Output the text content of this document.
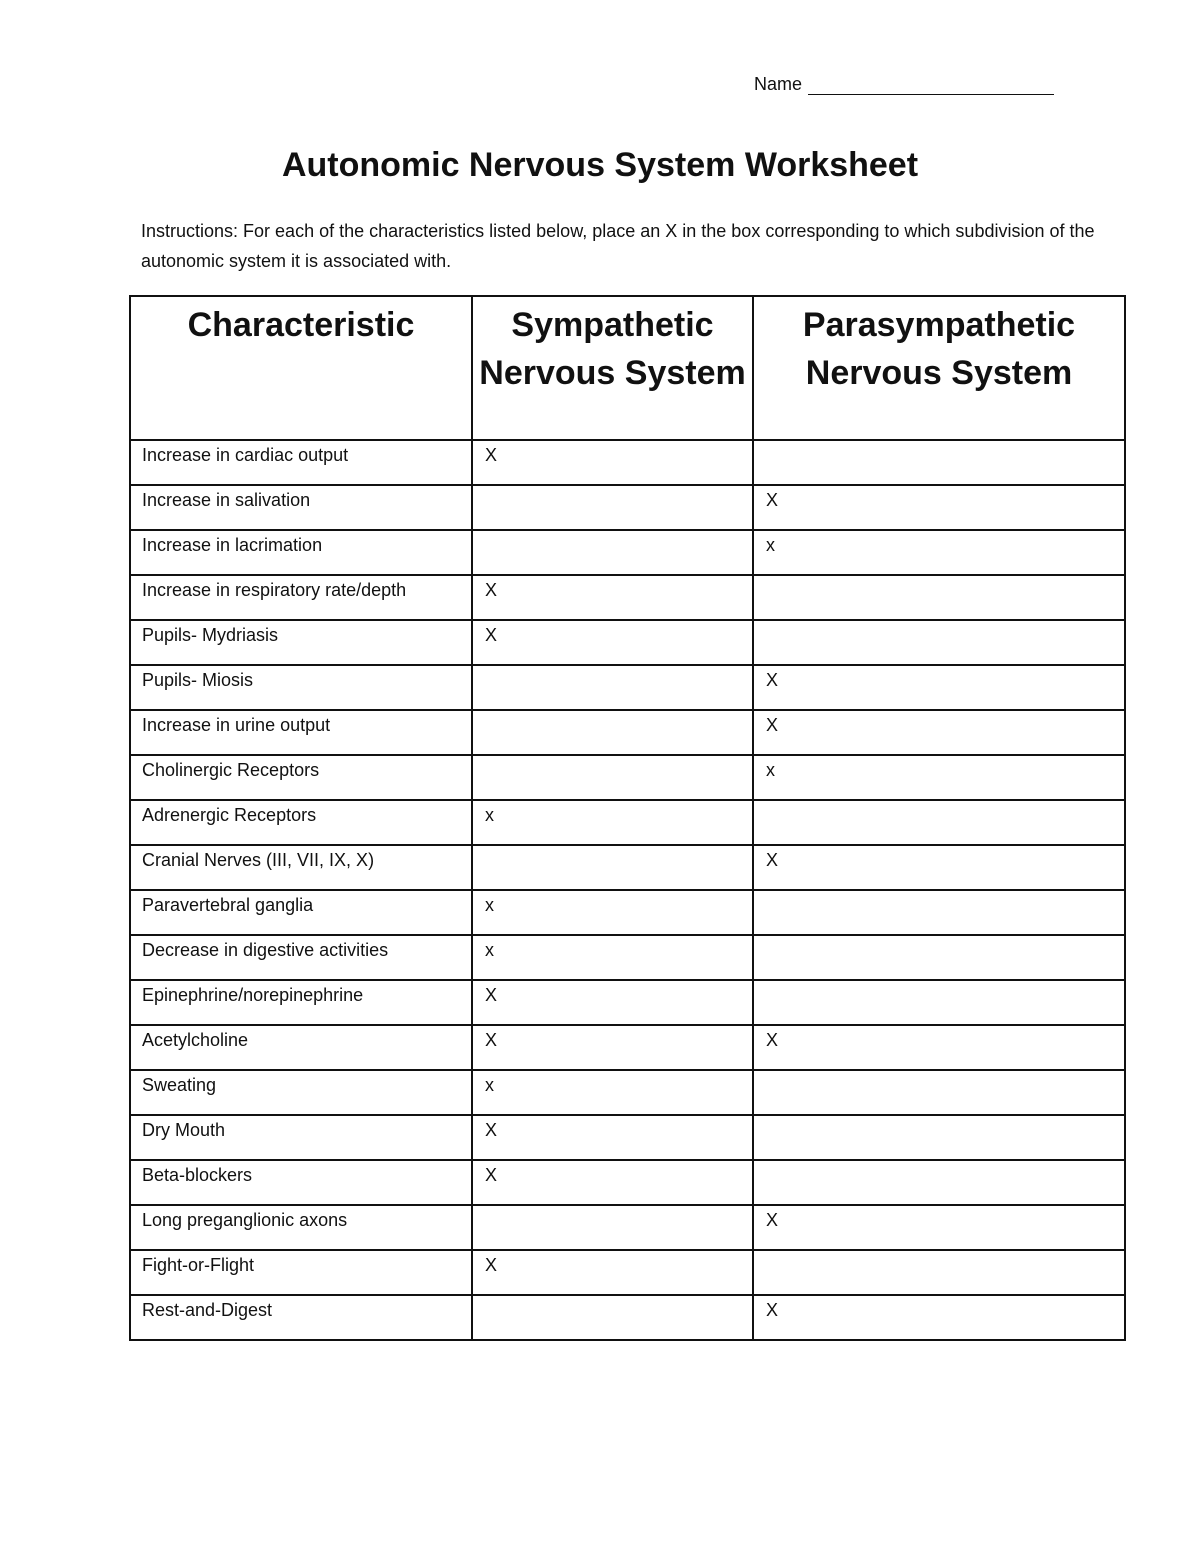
Name
Autonomic Nervous System Worksheet

Instructions: For each of the characteristics listed below, place an X in the box corresponding to which subdivision of the autonomic system it is associated with.

Characteristic	Sympathetic Nervous System	Parasympathetic Nervous System
Increase in cardiac output	X	
Increase in salivation		X
Increase in lacrimation		x
Increase in respiratory rate/depth	X	
Pupils- Mydriasis	X	
Pupils- Miosis		X
Increase in urine output		X
Cholinergic Receptors		x
Adrenergic Receptors	x	
Cranial Nerves (III, VII, IX, X)		X
Paravertebral ganglia	x	
Decrease in digestive activities	x	
Epinephrine/norepinephrine	X	
Acetylcholine	X	X
Sweating	x	
Dry Mouth	X	
Beta-blockers	X	
Long preganglionic axons		X
Fight-or-Flight	X	
Rest-and-Digest		X
